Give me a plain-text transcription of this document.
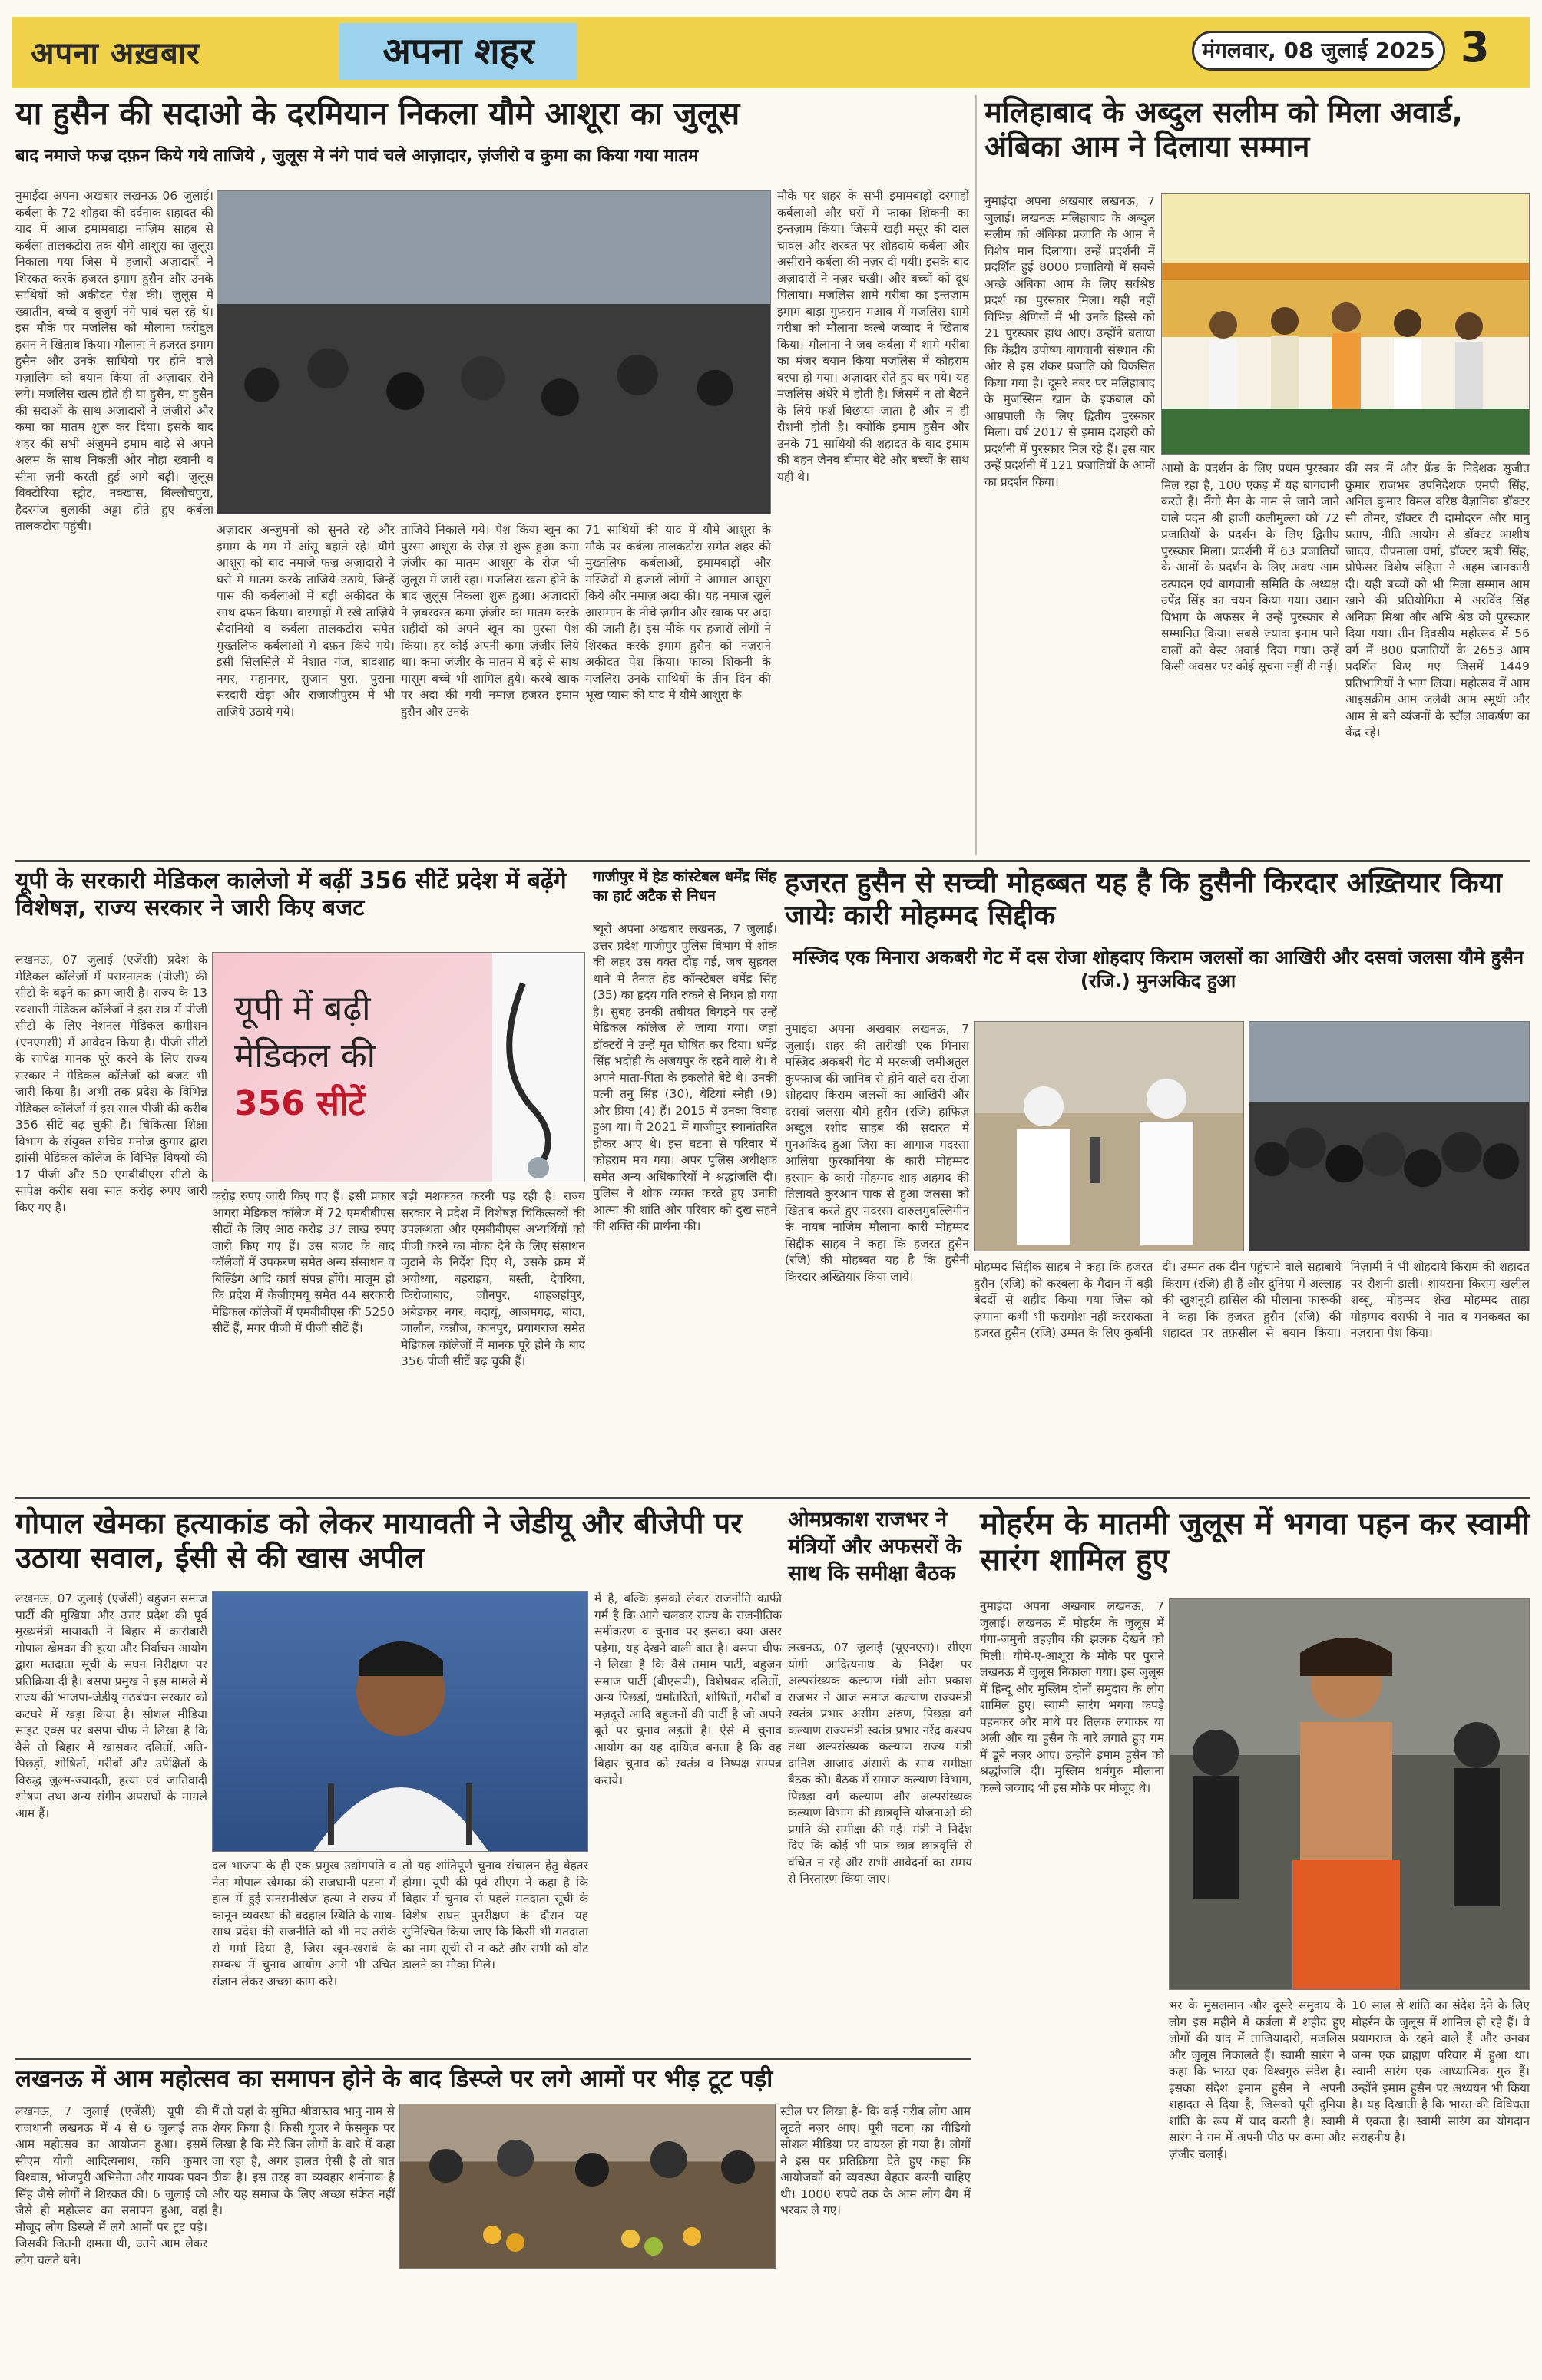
अपना अख़बार	अपना शहर	मंगलवार, 08 जुलाई 2025 3
या हुसैन की सदाओ के दरमियान निकला यौमे आशूरा का जुलूस
बाद नमाजे फज्र दफ़न किये गये ताजिये , जुलूस मे नंगे पावं चले आज़ादार, ज़ंजीरो व कुमा का किया गया मातम
नुमाईदा अपना अखबार लखनऊ 06 जुलाई। कर्बला के 72 शोहदा की दर्दनाक शहादत की याद में आज इमामबाड़ा नाज़िम साहब से कर्बला तालकटोरा तक यौमे आशूरा का जुलूस निकाला गया जिस में हजारों अज़ादारों ने शिरकत करके हजरत इमाम हुसैन और उनके साथियों को अकीदत पेश की। जुलूस में ख्वातीन, बच्चे व बुजुर्ग नंगे पावं चल रहे थे। इस मौके पर मजलिस को मौलाना फरीदुल हसन ने खिताब किया। मौलाना ने हजरत इमाम हुसैन और उनके साथियों पर होने वाले मज़ालिम को बयान किया तो अज़ादार रोने लगे। मजलिस खत्म होते ही या हुसैन, या हुसैन की सदाओं के साथ अज़ादारों ने ज़ंजीरों और कमा का मातम शुरू कर दिया। इसके बाद शहर की सभी अंजुमनें इमाम बाड़े से अपने अलम के साथ निकलीं और नौहा ख्वानी व सीना ज़नी करती हुई आगे बढ़ीं। जुलूस विक्टोरिया स्ट्रीट, नक्खास, बिल्लौचपुरा, हैदरगंज बुलाकी अड्डा होते हुए कर्बला तालकटोरा पहुंची।	अज़ादार अन्जुमनों को सुनते रहे और इमाम के गम में आंसू बहाते रहे। यौमे आशूरा को बाद नमाजे फज्र अज़ादारों ने घरो में मातम करके ताजिये उठाये, जिन्हें पास की कर्बलाओं में बड़ी अकीदत के साथ दफन किया। बारगाहों में रखे ताज़िये सैदानियों व कर्बला तालकटोरा समेत मुख्तलिफ कर्बलाओं में दफ़न किये गये। इसी सिलसिले में नेशात गंज, बादशाह नगर, महानगर, सुजान पुरा, पुराना सरदारी खेड़ा और राजाजीपुरम में भी ताज़िये उठाये गये।
ताजिये निकाले गये। पेश किया खून का पुरसा आशूरा के रोज़ से शुरू हुआ कमा ज़ंजीर का मातम आशूरा के रोज़ भी जुलूस में जारी रहा। मजलिस खत्म होने के बाद जुलूस निकला शुरू हुआ। अज़ादारों ने ज़बरदस्त कमा ज़ंजीर का मातम करके शहीदों को अपने खून का पुरसा पेश किया। हर कोई अपनी कमा ज़ंजीर लिये था। कमा ज़ंजीर के मातम में बड़े से साथ मासूम बच्चे भी शामिल हुये। करबे खाक पर अदा की गयी नमाज़ हजरत इमाम हुसैन और उनके
71 साथियों की याद में यौमे आशूरा के मौके पर कर्बला तालकटोरा समेत शहर की मुख्तलिफ कर्बलाओं, इमामबाड़ों और मस्जिदों में हजारों लोगों ने आमाल आशूरा किये और नमाज़ अदा की। यह नमाज़ खुले आसमान के नीचे ज़मीन और खाक पर अदा की जाती है। इस मौके पर हजारों लोगों ने शिरकत करके इमाम हुसैन को नज़राने अकीदत पेश किया। फाका शिकनी के मजलिस उनके साथियों के तीन दिन की भूख प्यास की याद में यौमे आशूरा के
मौके पर शहर के सभी इमामबाड़ों दरगाहों कर्बलाओं और घरों में फाका शिकनी का इन्तज़ाम किया। जिसमें खड़ी मसूर की दाल चावल और शरबत पर शोहदाये कर्बला और असीराने कर्बला की नज़र दी गयी। इसके बाद अज़ादारों ने नज़र चखी। और बच्चों को दूध पिलाया। मजलिस शामे गरीबा का इन्तज़ाम इमाम बाड़ा गुफ़रान मआब में मजलिस शामे गरीबा को मौलाना कल्बे जव्वाद ने खिताब किया। मौलाना ने जब कर्बला में शामे गरीबा का मंज़र बयान किया मजलिस में कोहराम बरपा हो गया। अज़ादार रोते हुए घर गये। यह मजलिस अंधेरे में होती है। जिसमें न तो बैठने के लिये फर्श बिछाया जाता है और न ही रौशनी होती है। क्योंकि इमाम हुसैन और उनके 71 साथियों की शहादत के बाद इमाम की बहन जैनब बीमार बेटे और बच्चों के साथ यहीं थे।
मलिहाबाद के अब्दुल सलीम को मिला अवार्ड, अंबिका आम ने दिलाया सम्मान
नुमाइंदा अपना अखबार लखनऊ, 7 जुलाई। लखनऊ मलिहाबाद के अब्दुल सलीम को अंबिका प्रजाति के आम ने विशेष मान दिलाया। उन्हें प्रदर्शनी में प्रदर्शित हुई 8000 प्रजातियों में सबसे अच्छे अंबिका आम के लिए सर्वश्रेष्ठ प्रदर्श का पुरस्कार मिला। यही नहीं विभिन्न श्रेणियों में भी उनके हिस्से को 21 पुरस्कार हाथ आए। उन्होंने बताया कि केंद्रीय उपोष्ण बागवानी संस्थान की ओर से इस शंकर प्रजाति को विकसित किया गया है। दूसरे नंबर पर मलिहाबाद के मुजस्सिम खान के इकबाल को आम्रपाली के लिए द्वितीय पुरस्कार मिला। वर्ष 2017 से इमाम दशहरी को प्रदर्शनी में पुरस्कार मिल रहे हैं। इस बार उन्हें प्रदर्शनी में 121 प्रजातियों के आमों का प्रदर्शन किया।
आमों के प्रदर्शन के लिए प्रथम पुरस्कार मिल रहा है, 100 एकड़ में यह बागवानी करते हैं। मैंगो मैन के नाम से जाने जाने वाले पदम श्री हाजी कलीमुल्ला को 72 प्रजातियों के प्रदर्शन के लिए द्वितीय पुरस्कार मिला। प्रदर्शनी में 63 प्रजातियों के आमों के प्रदर्शन के लिए अवध आम उत्पादन एवं बागवानी समिति के अध्यक्ष उपेंद्र सिंह का चयन किया गया। उद्यान विभाग के अफसर ने उन्हें पुरस्कार से सम्मानित किया। सबसे ज्यादा इनाम पाने वालों को बेस्ट अवार्ड दिया गया। उन्हें किसी अवसर पर कोई सूचना नहीं दी गई।
की सत्र में और फ्रेंड के निदेशक सुजीत कुमार राजभर उपनिदेशक एमपी सिंह, अनिल कुमार विमल वरिष्ठ वैज्ञानिक डॉक्टर सी तोमर, डॉक्टर टी दामोदरन और मानु प्रताप, नीति आयोग से डॉक्टर आशीष जादव, दीपमाला वर्मा, डॉक्टर ऋषी सिंह, प्रोफेसर विशेष संहिता ने अहम जानकारी दी। यही बच्चों को भी मिला सम्मान आम खाने की प्रतियोगिता में अरविंद सिंह अनिका मिश्रा और अभि श्रेष्ठ को पुरस्कार दिया गया। तीन दिवसीय महोत्सव में 56 वर्ग में 800 प्रजातियों के 2653 आम प्रदर्शित किए गए जिसमें 1449 प्रतिभागियों ने भाग लिया। महोत्सव में आम आइसक्रीम आम जलेबी आम स्मूथी और आम से बने व्यंजनों के स्टॉल आकर्षण का केंद्र रहे।
यूपी के सरकारी मेडिकल कालेजो में बढ़ीं 356 सीटें प्रदेश में बढ़ेंगे विशेषज्ञ, राज्य सरकार ने जारी किए बजट
लखनऊ, 07 जुलाई (एजेंसी) प्रदेश के मेडिकल कॉलेजों में परास्नातक (पीजी) की सीटों के बढ़ने का क्रम जारी है। राज्य के 13 स्वशासी मेडिकल कॉलेजों ने इस सत्र में पीजी सीटों के लिए नेशनल मेडिकल कमीशन (एनएमसी) में आवेदन किया है। पीजी सीटों के सापेक्ष मानक पूरे करने के लिए राज्य सरकार ने मेडिकल कॉलेजों को बजट भी जारी किया है। अभी तक प्रदेश के विभिन्न मेडिकल कॉलेजों में इस साल पीजी की करीब 356 सीटें बढ़ चुकी हैं। चिकित्सा शिक्षा विभाग के संयुक्त सचिव मनोज कुमार द्वारा झांसी मेडिकल कॉलेज के विभिन्न विषयों की 17 पीजी और 50 एमबीबीएस सीटों के सापेक्ष करीब सवा सात करोड़ रुपए जारी किए गए हैं।
यूपी में बढ़ी
मेडिकल की
356 सीटें
करोड़ रुपए जारी किए गए हैं। इसी प्रकार आगरा मेडिकल कॉलेज में 72 एमबीबीएस सीटों के लिए आठ करोड़ 37 लाख रुपए जारी किए गए हैं। उस बजट के बाद कॉलेजों में उपकरण समेत अन्य संसाधन व बिल्डिंग आदि कार्य संपन्न होंगे। मालूम हो कि प्रदेश में केजीएमयू समेत 44 सरकारी मेडिकल कॉलेजों में एमबीबीएस की 5250 सीटें हैं, मगर पीजी में पीजी सीटें हैं।
बढ़ी मशक्कत करनी पड़ रही है। राज्य सरकार ने प्रदेश में विशेषज्ञ चिकित्सकों की उपलब्धता और एमबीबीएस अभ्यर्थियों को पीजी करने का मौका देने के लिए संसाधन जुटाने के निर्देश दिए थे, उसके क्रम में अयोध्या, बहराइच, बस्ती, देवरिया, फिरोजाबाद, जौनपुर, शाहजहांपुर, अंबेडकर नगर, बदायूं, आजमगढ़, बांदा, जालौन, कन्नौज, कानपुर, प्रयागराज समेत मेडिकल कॉलेजों में मानक पूरे होने के बाद 356 पीजी सीटें बढ़ चुकी हैं।
गाजीपुर में हेड कांस्टेबल धर्मेंद्र सिंह का हार्ट अटैक से निधन
ब्यूरो अपना अखबार लखनऊ, 7 जुलाई। उत्तर प्रदेश गाजीपुर पुलिस विभाग में शोक की लहर उस वक्त दौड़ गई, जब सुहवल थाने में तैनात हेड कॉन्स्टेबल धर्मेंद्र सिंह (35) का हृदय गति रुकने से निधन हो गया है। सुबह उनकी तबीयत बिगड़ने पर उन्हें मेडिकल कॉलेज ले जाया गया। जहां डॉक्टरों ने उन्हें मृत घोषित कर दिया। धर्मेंद्र सिंह भदोही के अजयपुर के रहने वाले थे। वे अपने माता-पिता के इकलौते बेटे थे। उनकी पत्नी तनु सिंह (30), बेटियां स्नेही (9) और प्रिया (4) हैं। 2015 में उनका विवाह हुआ था। वे 2021 में गाजीपुर स्थानांतरित होकर आए थे। इस घटना से परिवार में कोहराम मच गया। अपर पुलिस अधीक्षक समेत अन्य अधिकारियों ने श्रद्धांजलि दी। पुलिस ने शोक व्यक्त करते हुए उनकी आत्मा की शांति और परिवार को दुख सहने की शक्ति की प्रार्थना की।
हजरत हुसैन से सच्ची मोहब्बत यह है कि हुसैनी किरदार अख़्तियार किया जायेः कारी मोहम्मद सिद्दीक
मस्जिद एक मिनारा अकबरी गेट में दस रोजा शोहदाए किराम जलसों का आखिरी और दसवां जलसा यौमे हुसैन (रजि.) मुनअकिद हुआ
नुमाइंदा अपना अखबार लखनऊ, 7 जुलाई। शहर की तारीखी एक मिनारा मस्जिद अकबरी गेट में मरकजी जमीअतुल कुफ्फाज़ की जानिब से होने वाले दस रोज़ा शोहदाए किराम जलसों का आखिरी और दसवां जलसा यौमे हुसैन (रजि) हाफिज़ अब्दुल रशीद साहब की सदारत में मुनअकिद हुआ जिस का आगाज़ मदरसा आलिया फुरकानिया के कारी मोहम्मद हस्सान के कारी मोहम्मद शाह अहमद की तिलावते कुरआन पाक से हुआ जलसा को खिताब करते हुए मदरसा दारुलमुबल्लिगीन के नायब नाज़िम मौलाना कारी मोहम्मद सिद्दीक साहब ने कहा कि हजरत हुसैन (रजि) की मोहब्बत यह है कि हुसैनी किरदार अख्तियार किया जाये।
मोहम्मद सिद्दीक साहब ने कहा कि हजरत हुसैन (रजि) को करबला के मैदान में बड़ी बेदर्दी से शहीद किया गया जिस को ज़माना कभी भी फरामोश नहीं करसकता हजरत हुसैन (रजि) उम्मत के लिए कुर्बानी दी। उम्मत तक दीन पहुंचाने वाले सहाबाये किराम (रजि) ही हैं और दुनिया में अल्लाह की खुशनूदी हासिल की मौलाना फारूकी ने कहा कि हजरत हुसैन (रजि) की शहादत पर तफ़सील से बयान किया। निज़ामी ने भी शोहदाये किराम की शहादत पर रौशनी डाली। शायराना किराम खलील शब्बू, मोहम्मद शेख मोहम्मद ताहा मोहम्मद वसफी ने नात व मनकबत का नज़राना पेश किया।
गोपाल खेमका हत्याकांड को लेकर मायावती ने जेडीयू और बीजेपी पर उठाया सवाल, ईसी से की खास अपील
लखनऊ, 07 जुलाई (एजेंसी) बहुजन समाज पार्टी की मुखिया और उत्तर प्रदेश की पूर्व मुख्यमंत्री मायावती ने बिहार में कारोबारी गोपाल खेमका की हत्या और निर्वाचन आयोग द्वारा मतदाता सूची के सघन निरीक्षण पर प्रतिक्रिया दी है। बसपा प्रमुख ने इस मामले में राज्य की भाजपा-जेडीयू गठबंधन सरकार को कटघरे में खड़ा किया है। सोशल मीडिया साइट एक्स पर बसपा चीफ ने लिखा है कि वैसे तो बिहार में खासकर दलितों, अति-पिछड़ों, शोषितों, गरीबों और उपेक्षितों के विरुद्ध ज़ुल्म-ज्यादती, हत्या एवं जातिवादी शोषण तथा अन्य संगीन अपराधों के मामले आम हैं।
दल भाजपा के ही एक प्रमुख उद्योगपति व नेता गोपाल खेमका की राजधानी पटना में हाल में हुई सनसनीखेज हत्या ने राज्य में कानून व्यवस्था की बदहाल स्थिति के साथ-साथ प्रदेश की राजनीति को भी नए तरीके से गर्मा दिया है, जिस खून-खराबे के सम्बन्ध में चुनाव आयोग आगे भी उचित संज्ञान लेकर अच्छा काम करे।
तो यह शांतिपूर्ण चुनाव संचालन हेतु बेहतर होगा। यूपी की पूर्व सीएम ने कहा है कि बिहार में चुनाव से पहले मतदाता सूची के विशेष सघन पुनरीक्षण के दौरान यह सुनिश्चित किया जाए कि किसी भी मतदाता का नाम सूची से न कटे और सभी को वोट डालने का मौका मिले।
में है, बल्कि इसको लेकर राजनीति काफी गर्म है कि आगे चलकर राज्य के राजनीतिक समीकरण व चुनाव पर इसका क्या असर पड़ेगा, यह देखने वाली बात है। बसपा चीफ ने लिखा है कि वैसे तमाम पार्टी, बहुजन समाज पार्टी (बीएसपी), विशेषकर दलितों, अन्य पिछड़ों, धर्मांतरितों, शोषितों, गरीबों व मज़दूरों आदि बहुजनों की पार्टी है जो अपने बूते पर चुनाव लड़ती है। ऐसे में चुनाव आयोग का यह दायित्व बनता है कि वह बिहार चुनाव को स्वतंत्र व निष्पक्ष सम्पन्न कराये।
ओमप्रकाश राजभर ने मंत्रियों और अफसरों के साथ कि समीक्षा बैठक
लखनऊ, 07 जुलाई (यूएनएस)। सीएम योगी आदित्यनाथ के निर्देश पर अल्पसंख्यक कल्याण मंत्री ओम प्रकाश राजभर ने आज समाज कल्याण राज्यमंत्री स्वतंत्र प्रभार असीम अरुण, पिछड़ा वर्ग कल्याण राज्यमंत्री स्वतंत्र प्रभार नरेंद्र कश्यप तथा अल्पसंख्यक कल्याण राज्य मंत्री दानिश आजाद अंसारी के साथ समीक्षा बैठक की। बैठक में समाज कल्याण विभाग, पिछड़ा वर्ग कल्याण और अल्पसंख्यक कल्याण विभाग की छात्रवृत्ति योजनाओं की प्रगति की समीक्षा की गई। मंत्री ने निर्देश दिए कि कोई भी पात्र छात्र छात्रवृत्ति से वंचित न रहे और सभी आवेदनों का समय से निस्तारण किया जाए।
मोहर्रम के मातमी जुलूस में भगवा पहन कर स्वामी सारंग शामिल हुए
नुमाइंदा अपना अखबार लखनऊ, 7 जुलाई। लखनऊ में मोहर्रम के जुलूस में गंगा-जमुनी तहज़ीब की झलक देखने को मिली। यौमे-ए-आशूरा के मौके पर पुराने लखनऊ में जुलूस निकाला गया। इस जुलूस में हिन्दू और मुस्लिम दोनों समुदाय के लोग शामिल हुए। स्वामी सारंग भगवा कपड़े पहनकर और माथे पर तिलक लगाकर या अली और या हुसैन के नारे लगाते हुए गम में डूबे नज़र आए। उन्होंने इमाम हुसैन को श्रद्धांजलि दी। मुस्लिम धर्मगुरु मौलाना कल्बे जव्वाद भी इस मौके पर मौजूद थे।
भर के मुसलमान और दूसरे समुदाय के लोग इस महीने में कर्बला में शहीद हुए लोगों की याद में ताजियादारी, मजलिस और जुलूस निकालते हैं। स्वामी सारंग ने कहा कि भारत एक विश्वगुरु संदेश है। इसका संदेश इमाम हुसैन ने अपनी शहादत से दिया है, जिसको पूरी दुनिया शांति के रूप में याद करती है। स्वामी सारंग ने गम में अपनी पीठ पर कमा और ज़ंजीर चलाई।
10 साल से शांति का संदेश देने के लिए मोहर्रम के जुलूस में शामिल हो रहे हैं। वे प्रयागराज के रहने वाले हैं और उनका जन्म एक ब्राह्मण परिवार में हुआ था। स्वामी सारंग एक आध्यात्मिक गुरु हैं। उन्होंने इमाम हुसैन पर अध्ययन भी किया है। यह दिखाती है कि भारत की विविधता में एकता है। स्वामी सारंग का योगदान सराहनीय है।
लखनऊ में आम महोत्सव का समापन होने के बाद डिस्प्ले पर लगे आमों पर भीड़ टूट पड़ी
लखनऊ, 7 जुलाई (एजेंसी) यूपी की राजधानी लखनऊ में 4 से 6 जुलाई तक आम महोत्सव का आयोजन हुआ। इसमें सीएम योगी आदित्यनाथ, कवि कुमार विश्वास, भोजपुरी अभिनेता और गायक पवन सिंह जैसे लोगों ने शिरकत की। 6 जुलाई को जैसे ही महोत्सव का समापन हुआ, वहां मौजूद लोग डिस्प्ले में लगे आमों पर टूट पड़े। जिसकी जितनी क्षमता थी, उतने आम लेकर लोग चलते बने।
मैं तो यहां के सुमित श्रीवास्तव भानु नाम से शेयर किया है। किसी यूजर ने फेसबुक पर लिखा है कि मेरे जिन लोगों के बारे में कहा जा रहा है, अगर हालत ऐसी है तो बात ठीक है। इस तरह का व्यवहार शर्मनाक है और यह समाज के लिए अच्छा संकेत नहीं है।
स्टील पर लिखा है- कि कई गरीब लोग आम लूटते नज़र आए। पूरी घटना का वीडियो सोशल मीडिया पर वायरल हो गया है। लोगों ने इस पर प्रतिक्रिया देते हुए कहा कि आयोजकों को व्यवस्था बेहतर करनी चाहिए थी। 1000 रुपये तक के आम लोग बैग में भरकर ले गए।
